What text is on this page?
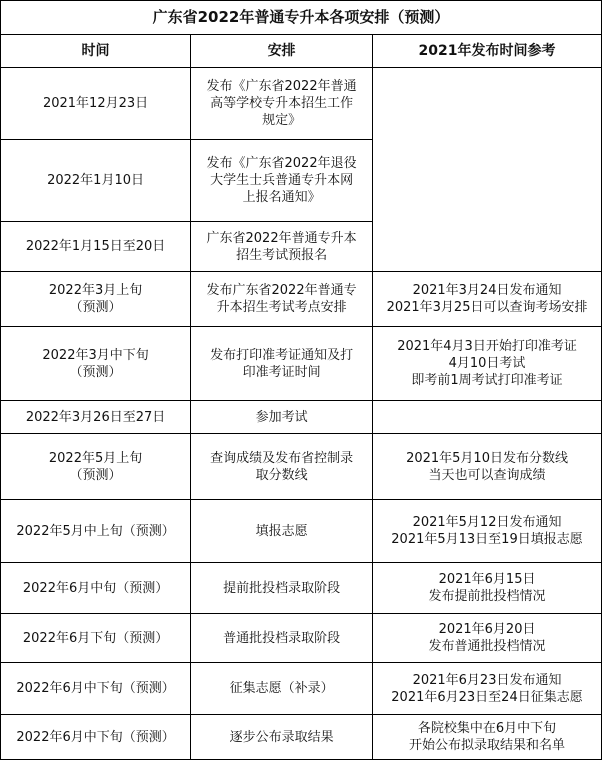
广东省2022年普通专升本各项安排（预测）		
时间	安排	2021年发布时间参考

2021年12月23日	发布《广东省2022年普通
高等学校专升本招生工作
规定》	

2022年1月10日	发布《广东省2022年退役
大学生士兵普通专升本网
上报名通知》	

2022年1月15日至20日	广东省2022年普通专升本
招生考试预报名	

2022年3月上旬
（预测）	发布广东省2022年普通专
升本招生考试考点安排	2021年3月24日发布通知
2021年3月25日可以查询考场安排

2022年3月中下旬
（预测）	发布打印准考证通知及打
印准考证时间	2021年4月3日开始打印准考证
4月10日考试
即考前1周考试打印准考证

2022年3月26日至27日	参加考试	

2022年5月上旬
（预测）	查询成绩及发布省控制录
取分数线	2021年5月10日发布分数线
当天也可以查询成绩

2022年5月中上旬（预测）	填报志愿	2021年5月12日发布通知
2021年5月13日至19日填报志愿

2022年6月中旬（预测）	提前批投档录取阶段	2021年6月15日
发布提前批投档情况

2022年6月下旬（预测）	普通批投档录取阶段	2021年6月20日
发布普通批投档情况

2022年6月中下旬（预测）	征集志愿（补录）	2021年6月23日发布通知
2021年6月23日至24日征集志愿

2022年6月中下旬（预测）	逐步公布录取结果	各院校集中在6月中下旬
开始公布拟录取结果和名单
